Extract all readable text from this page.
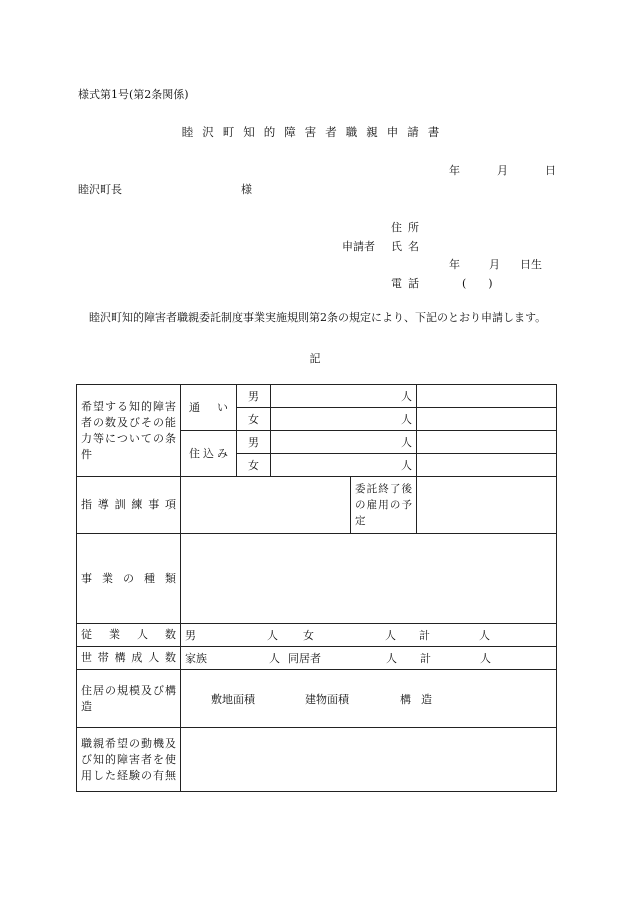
様式第1号(第2条関係)
睦沢町知的障害者職親申請書
年	月	日
睦沢町長	様
住所
申請者 氏名
年	月 日生
電話	(　　)
睦沢町知的障害者職親委託制度事業実施規則第2条の規定により、下記のとおり申請します。
記
希望する知的障害者の数及びその能力等についての条件	通　い	男	人		
		女	人		
	住込み	男	人		
		女	人		
指導訓練事項				委託終了後の雇用の予定	
事業の種類					
従業人数	男 人 女 人 計 人				
世帯構成人数	家族 人 同居者 人 計 人				
住居の規模及び構造	敷地面積 建物面積 構造				
職親希望の動機及び知的障害者を使用した経験の有無					
